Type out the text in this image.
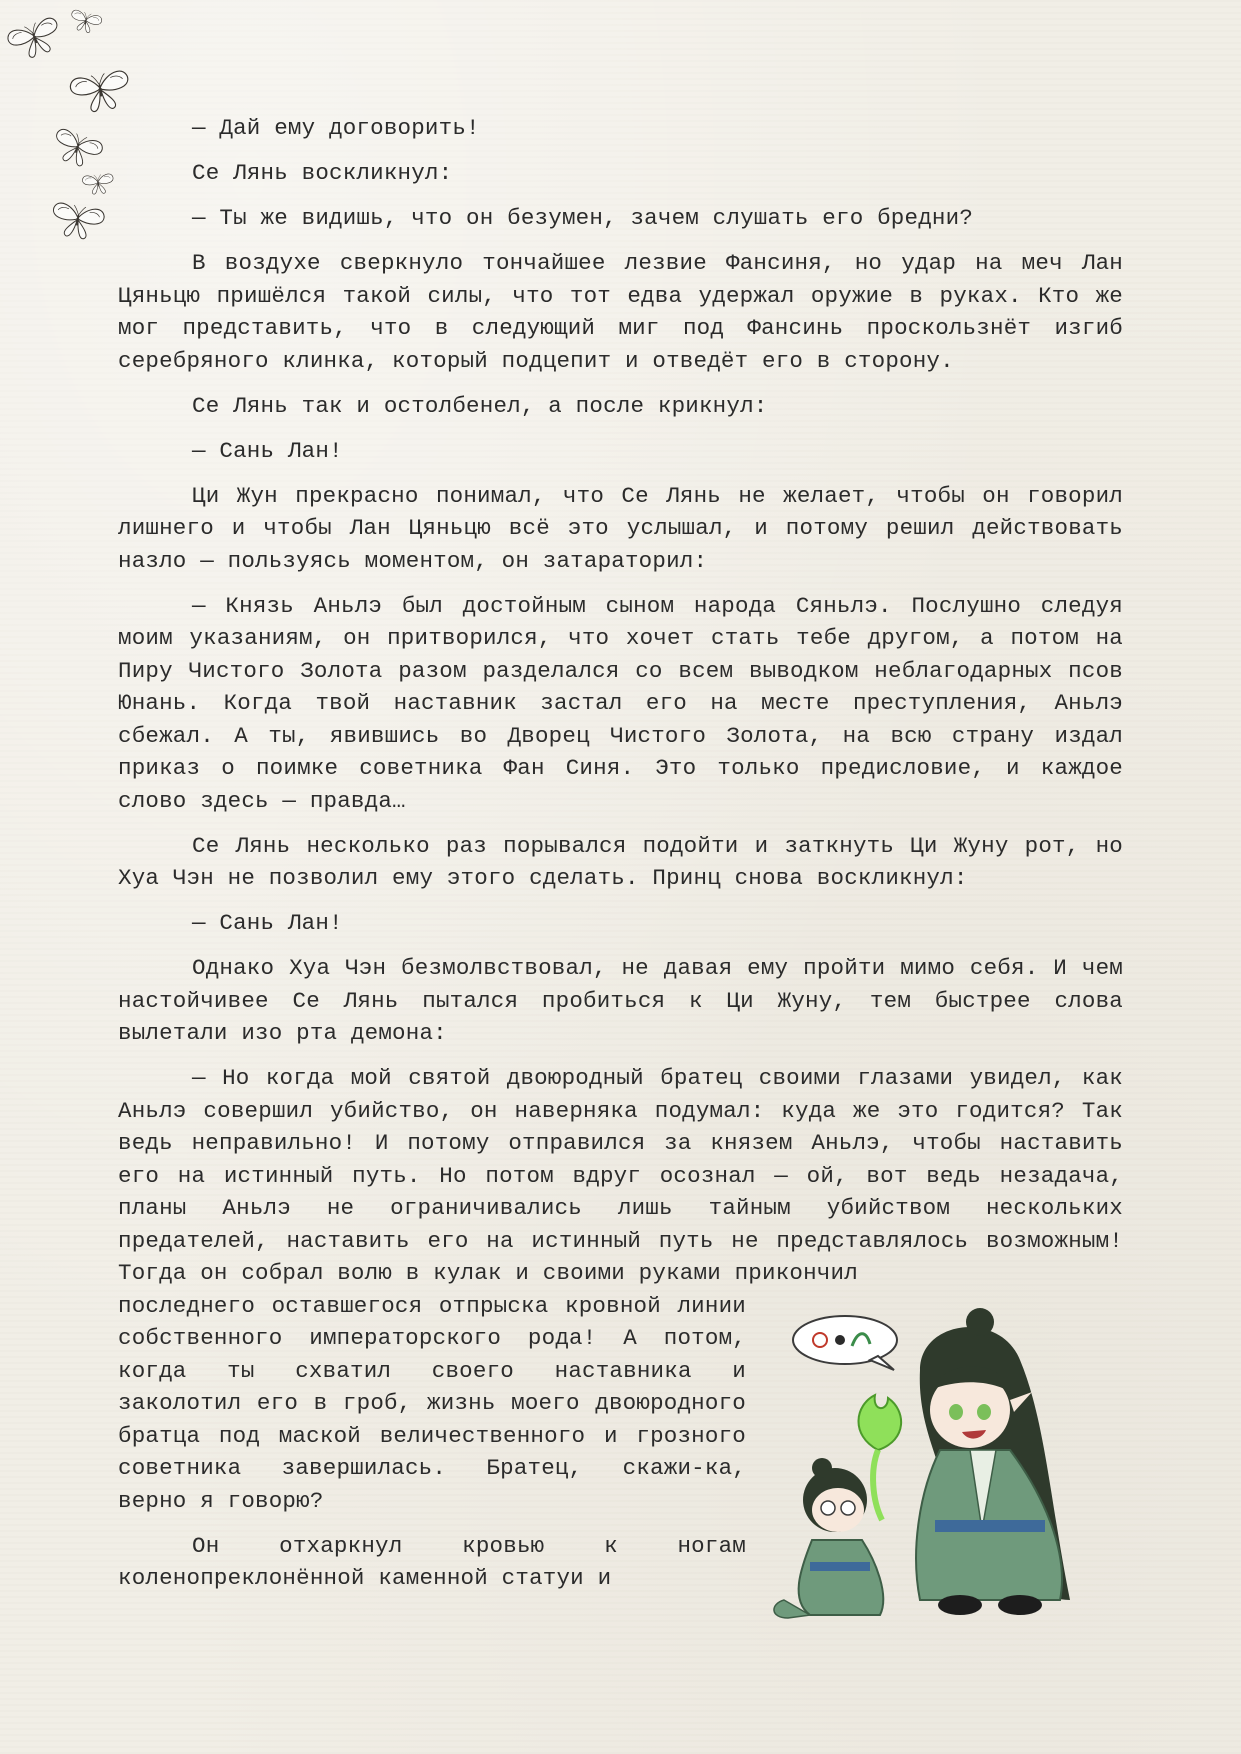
— Дай ему договорить!

Се Лянь воскликнул:

— Ты же видишь, что он безумен, зачем слушать его бредни?

В воздухе сверкнуло тончайшее лезвие Фансиня, но удар на меч Лан Цяньцю пришёлся такой силы, что тот едва удержал оружие в руках. Кто же мог представить, что в следующий миг под Фансинь проскользнёт изгиб серебряного клинка, который подцепит и отведёт его в сторону.

Се Лянь так и остолбенел, а после крикнул:

— Сань Лан!

Ци Жун прекрасно понимал, что Се Лянь не желает, чтобы он говорил лишнего и чтобы Лан Цяньцю всё это услышал, и потому решил действовать назло — пользуясь моментом, он затараторил:

— Князь Аньлэ был достойным сыном народа Сяньлэ. Послушно следуя моим указаниям, он притворился, что хочет стать тебе другом, а потом на Пиру Чистого Золота разом разделался со всем выводком неблагодарных псов Юнань. Когда твой наставник застал его на месте преступления, Аньлэ сбежал. А ты, явившись во Дворец Чистого Золота, на всю страну издал приказ о поимке советника Фан Синя. Это только предисловие, и каждое слово здесь — правда…

Се Лянь несколько раз порывался подойти и заткнуть Ци Жуну рот, но Хуа Чэн не позволил ему этого сделать. Принц снова воскликнул:

— Сань Лан!

Однако Хуа Чэн безмолвствовал, не давая ему пройти мимо себя. И чем настойчивее Се Лянь пытался пробиться к Ци Жуну, тем быстрее слова вылетали изо рта демона:

— Но когда мой святой двоюродный братец своими глазами увидел, как Аньлэ совершил убийство, он наверняка подумал: куда же это годится? Так ведь неправильно! И потому отправился за князем Аньлэ, чтобы наставить его на истинный путь. Но потом вдруг осознал — ой, вот ведь незадача, планы Аньлэ не ограничивались лишь тайным убийством нескольких предателей, наставить его на истинный путь не представлялось возможным! Тогда он собрал волю в кулак и своими руками прикончил

последнего оставшегося отпрыска кровной линии собственного императорского рода! А потом, когда ты схватил своего наставника и заколотил его в гроб, жизнь моего двоюродного братца под маской величественного и грозного советника завершилась. Братец, скажи-ка, верно я говорю?

Он отхаркнул кровью к ногам коленопреклонённой каменной статуи и
